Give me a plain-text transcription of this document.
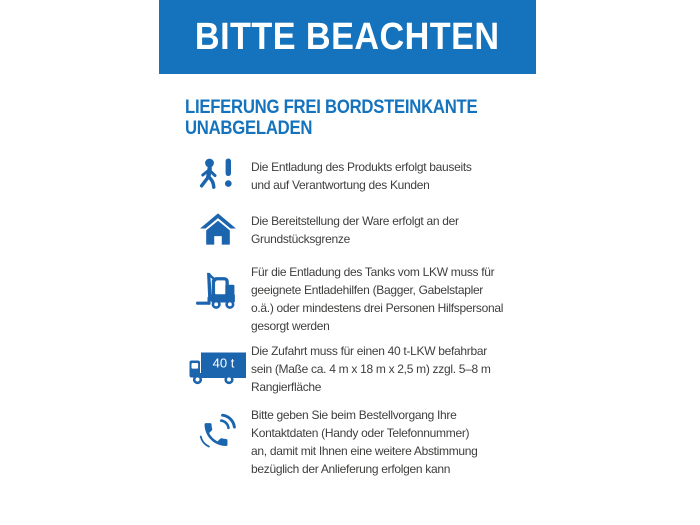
BITTE BEACHTEN
LIEFERUNG FREI BORDSTEINKANTE
UNABGELADEN
Die Entladung des Produkts erfolgt bauseits
und auf Verantwortung des Kunden
Die Bereitstellung der Ware erfolgt an der
Grundstücksgrenze
Für die Entladung des Tanks vom LKW muss für
geeignete Entladehilfen (Bagger, Gabelstapler
o.ä.) oder mindestens drei Personen Hilfspersonal
gesorgt werden
40 t
Die Zufahrt muss für einen 40 t-LKW befahrbar
sein (Maße ca. 4 m x 18 m x 2,5 m) zzgl. 5–8 m
Rangierfläche
Bitte geben Sie beim Bestellvorgang Ihre
Kontaktdaten (Handy oder Telefonnummer)
an, damit mit Ihnen eine weitere Abstimmung
bezüglich der Anlieferung erfolgen kann
